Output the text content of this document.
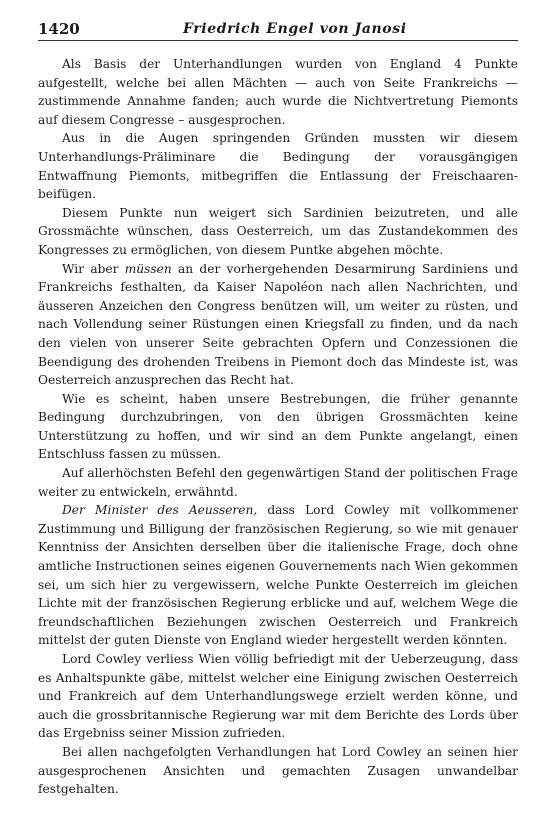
1420	Friedrich Engel von Janosi

Als Basis der Unterhandlungen wurden von England 4 Punkte aufgestellt, welche bei allen Mächten — auch von Seite Frankreichs — zustimmende Annahme fanden; auch wurde die Nichtvertretung Piemonts auf diesem Congresse – ausgesprochen.

Aus in die Augen springenden Gründen mussten wir diesem Unterhandlungs-Präliminare die Bedingung der vorausgängigen Entwaffnung Piemonts, mitbegriffen die Entlassung der Freischaaren-beifügen.

Diesem Punkte nun weigert sich Sardinien beizutreten, und alle Grossmächte wünschen, dass Oesterreich, um das Zustandekommen des Kongresses zu ermöglichen, von diesem Puntke abgehen möchte.

Wir aber müssen an der vorhergehenden Desarmirung Sardiniens und Frankreichs festhalten, da Kaiser Napoléon nach allen Nachrichten, und äusseren Anzeichen den Congress benützen will, um weiter zu rüsten, und nach Vollendung seiner Rüstungen einen Kriegsfall zu finden, und da nach den vielen von unserer Seite gebrachten Opfern und Conzessionen die Beendigung des drohenden Treibens in Piemont doch das Mindeste ist, was Oesterreich anzusprechen das Recht hat.

Wie es scheint, haben unsere Bestrebungen, die früher genannte Bedingung durchzubringen, von den übrigen Grossmächten keine Unterstützung zu hoffen, und wir sind an dem Punkte angelangt, einen Entschluss fassen zu müssen.

Auf allerhöchsten Befehl den gegenwärtigen Stand der politischen Frage weiter zu entwickeln, erwähntd.

Der Minister des Aeusseren, dass Lord Cowley mit vollkommener Zustimmung und Billigung der französischen Regierung, so wie mit genauer Kenntniss der Ansichten derselben über die italienische Frage, doch ohne amtliche Instructionen seines eigenen Gouvernements nach Wien gekommen sei, um sich hier zu vergewissern, welche Punkte Oesterreich im gleichen Lichte mit der französischen Regierung erblicke und auf, welchem Wege die freundschaftlichen Beziehungen zwischen Oesterreich und Frankreich mittelst der guten Dienste von England wieder hergestellt werden könnten.

Lord Cowley verliess Wien völlig befriedigt mit der Ueberzeugung, dass es Anhaltspunkte gäbe, mittelst welcher eine Einigung zwischen Oesterreich und Frankreich auf dem Unterhandlungswege erzielt werden könne, und auch die grossbritannische Regierung war mit dem Berichte des Lords über das Ergebniss seiner Mission zufrieden.

Bei allen nachgefolgten Verhandlungen hat Lord Cowley an seinen hier ausgesprochenen Ansichten und gemachten Zusagen unwandelbar festgehalten.
